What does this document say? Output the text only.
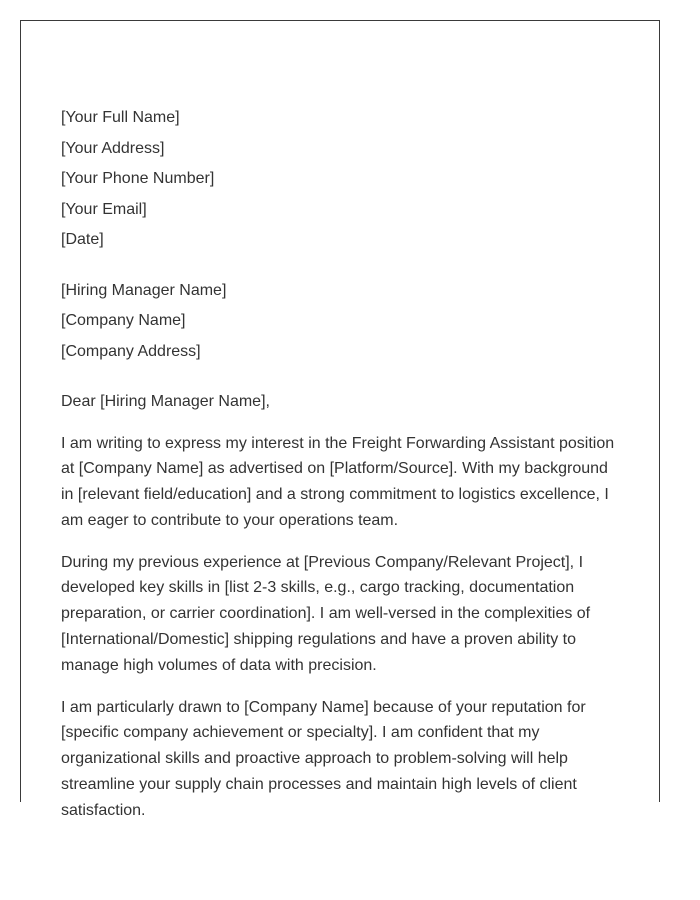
[Your Full Name]

[Your Address]

[Your Phone Number]

[Your Email]

[Date]

[Hiring Manager Name]

[Company Name]

[Company Address]

Dear [Hiring Manager Name],

I am writing to express my interest in the Freight Forwarding Assistant position at [Company Name] as advertised on [Platform/Source]. With my background in [relevant field/education] and a strong commitment to logistics excellence, I am eager to contribute to your operations team.

During my previous experience at [Previous Company/Relevant Project], I developed key skills in [list 2-3 skills, e.g., cargo tracking, documentation preparation, or carrier coordination]. I am well-versed in the complexities of [International/Domestic] shipping regulations and have a proven ability to manage high volumes of data with precision.

I am particularly drawn to [Company Name] because of your reputation for [specific company achievement or specialty]. I am confident that my organizational skills and proactive approach to problem-solving will help streamline your supply chain processes and maintain high levels of client satisfaction.
